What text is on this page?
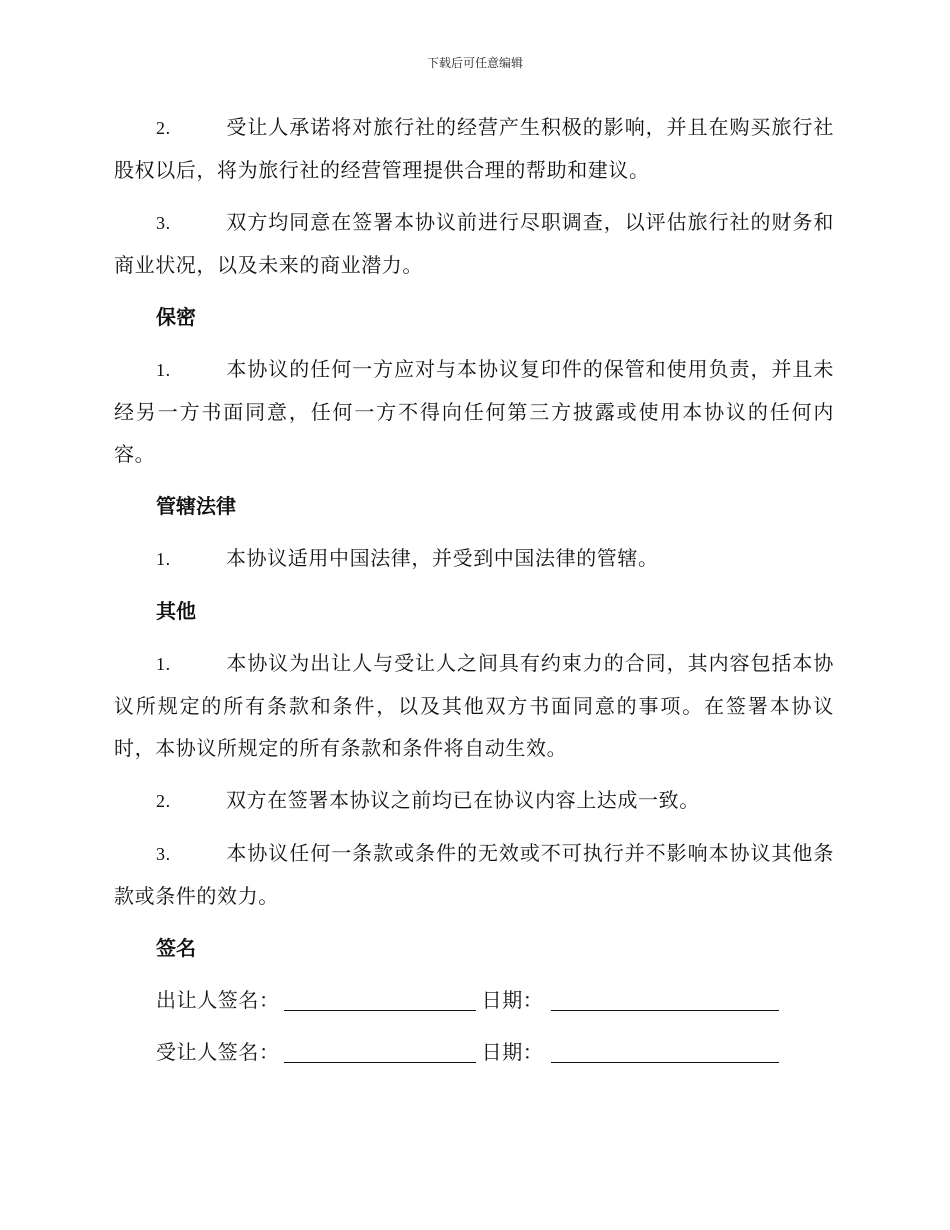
下载后可任意编辑

2.	受让人承诺将对旅行社的经营产生积极的影响，并且在购买旅行社股权以后，将为旅行社的经营管理提供合理的帮助和建议。

3.	双方均同意在签署本协议前进行尽职调查，以评估旅行社的财务和商业状况，以及未来的商业潜力。

保密

1.	本协议的任何一方应对与本协议复印件的保管和使用负责，并且未经另一方书面同意，任何一方不得向任何第三方披露或使用本协议的任何内容。

管辖法律

1.	本协议适用中国法律，并受到中国法律的管辖。

其他

1.	本协议为出让人与受让人之间具有约束力的合同，其内容包括本协议所规定的所有条款和条件，以及其他双方书面同意的事项。在签署本协议时，本协议所规定的所有条款和条件将自动生效。

2.	双方在签署本协议之前均已在协议内容上达成一致。

3.	本协议任何一条款或条件的无效或不可执行并不影响本协议其他条款或条件的效力。

签名
出让人签名：	日期：
受让人签名：	日期：
